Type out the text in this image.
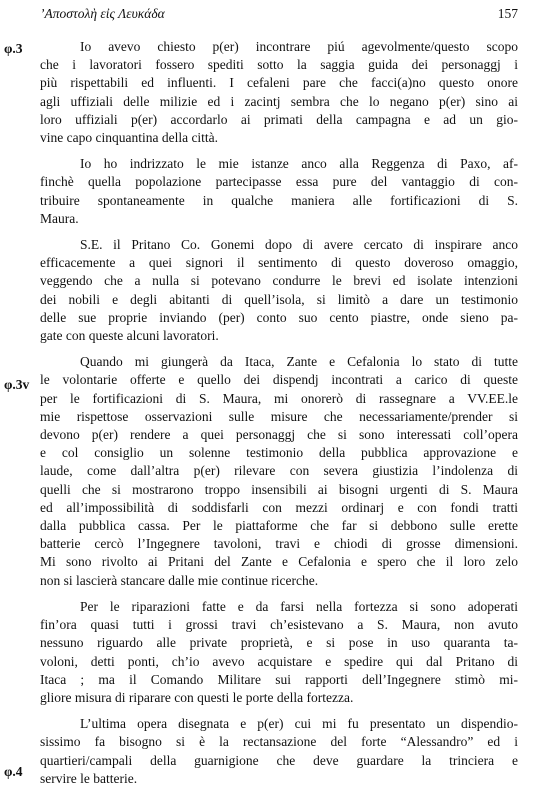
’Αποστολὴ εἰς Λευκάδα	157
φ.3
φ.3v
φ.4

Io avevo chiesto p(er) incontrare piú agevolmente/questo scopo
che i lavoratori fossero spediti sotto la saggia guida dei personaggj i
più rispettabili ed influenti. I cefaleni pare che facci(a)no questo onore
agli uffiziali delle milizie ed i zacintj sembra che lo negano p(er) sino ai
loro uffiziali p(er) accordarlo ai primati della campagna e ad un gio-
vine capo cinquantina della città.

Io ho indrizzato le mie istanze anco alla Reggenza di Paxo, af-
finchè quella popolazione partecipasse essa pure del vantaggio di con-
tribuire spontaneamente in qualche maniera alle fortificazioni di S.
Maura.

S.E. il Pritano Co. Gonemi dopo di avere cercato di inspirare anco
efficacemente a quei signori il sentimento di questo doveroso omaggio,
veggendo che a nulla si potevano condurre le brevi ed isolate intenzioni
dei nobili e degli abitanti di quell’isola, si limitò a dare un testimonio
delle sue proprie inviando (per) conto suo cento piastre, onde sieno pa-
gate con queste alcuni lavoratori.

Quando mi giungerà da Itaca, Zante e Cefalonia lo stato di tutte
le volontarie offerte e quello dei dispendj incontrati a carico di queste
per le fortificazioni di S. Maura, mi onorerò di rassegnare a VV.EE.le
mie rispettose osservazioni sulle misure che necessariamente/prender si
devono p(er) rendere a quei personaggj che si sono interessati coll’opera
e col consiglio un solenne testimonio della pubblica approvazione e
laude, come dall’altra p(er) rilevare con severa giustizia l’indolenza di
quelli che si mostrarono troppo insensibili ai bisogni urgenti di S. Maura
ed all’impossibilità di soddisfarli con mezzi ordinarj e con fondi tratti
dalla pubblica cassa. Per le piattaforme che far si debbono sulle erette
batterie cercò l’Ingegnere tavoloni, travi e chiodi di grosse dimensioni.
Mi sono rivolto ai Pritani del Zante e Cefalonia e spero che il loro zelo
non si lascierà stancare dalle mie continue ricerche.

Per le riparazioni fatte e da farsi nella fortezza si sono adoperati
fin’ora quasi tutti i grossi travi ch’esistevano a S. Maura, non avuto
nessuno riguardo alle private proprietà, e si pose in uso quaranta ta-
voloni, detti ponti, ch’io avevo acquistare e spedire qui dal Pritano di
Itaca ; ma il Comando Militare sui rapporti dell’Ingegnere stimò mi-
gliore misura di riparare con questi le porte della fortezza.

L’ultima opera disegnata e p(er) cui mi fu presentato un dispendio-
sissimo fa bisogno si è la rectansazione del forte “Alessandro” ed i
quartieri/campali della guarnigione che deve guardare la trinciera e
servire le batterie.
